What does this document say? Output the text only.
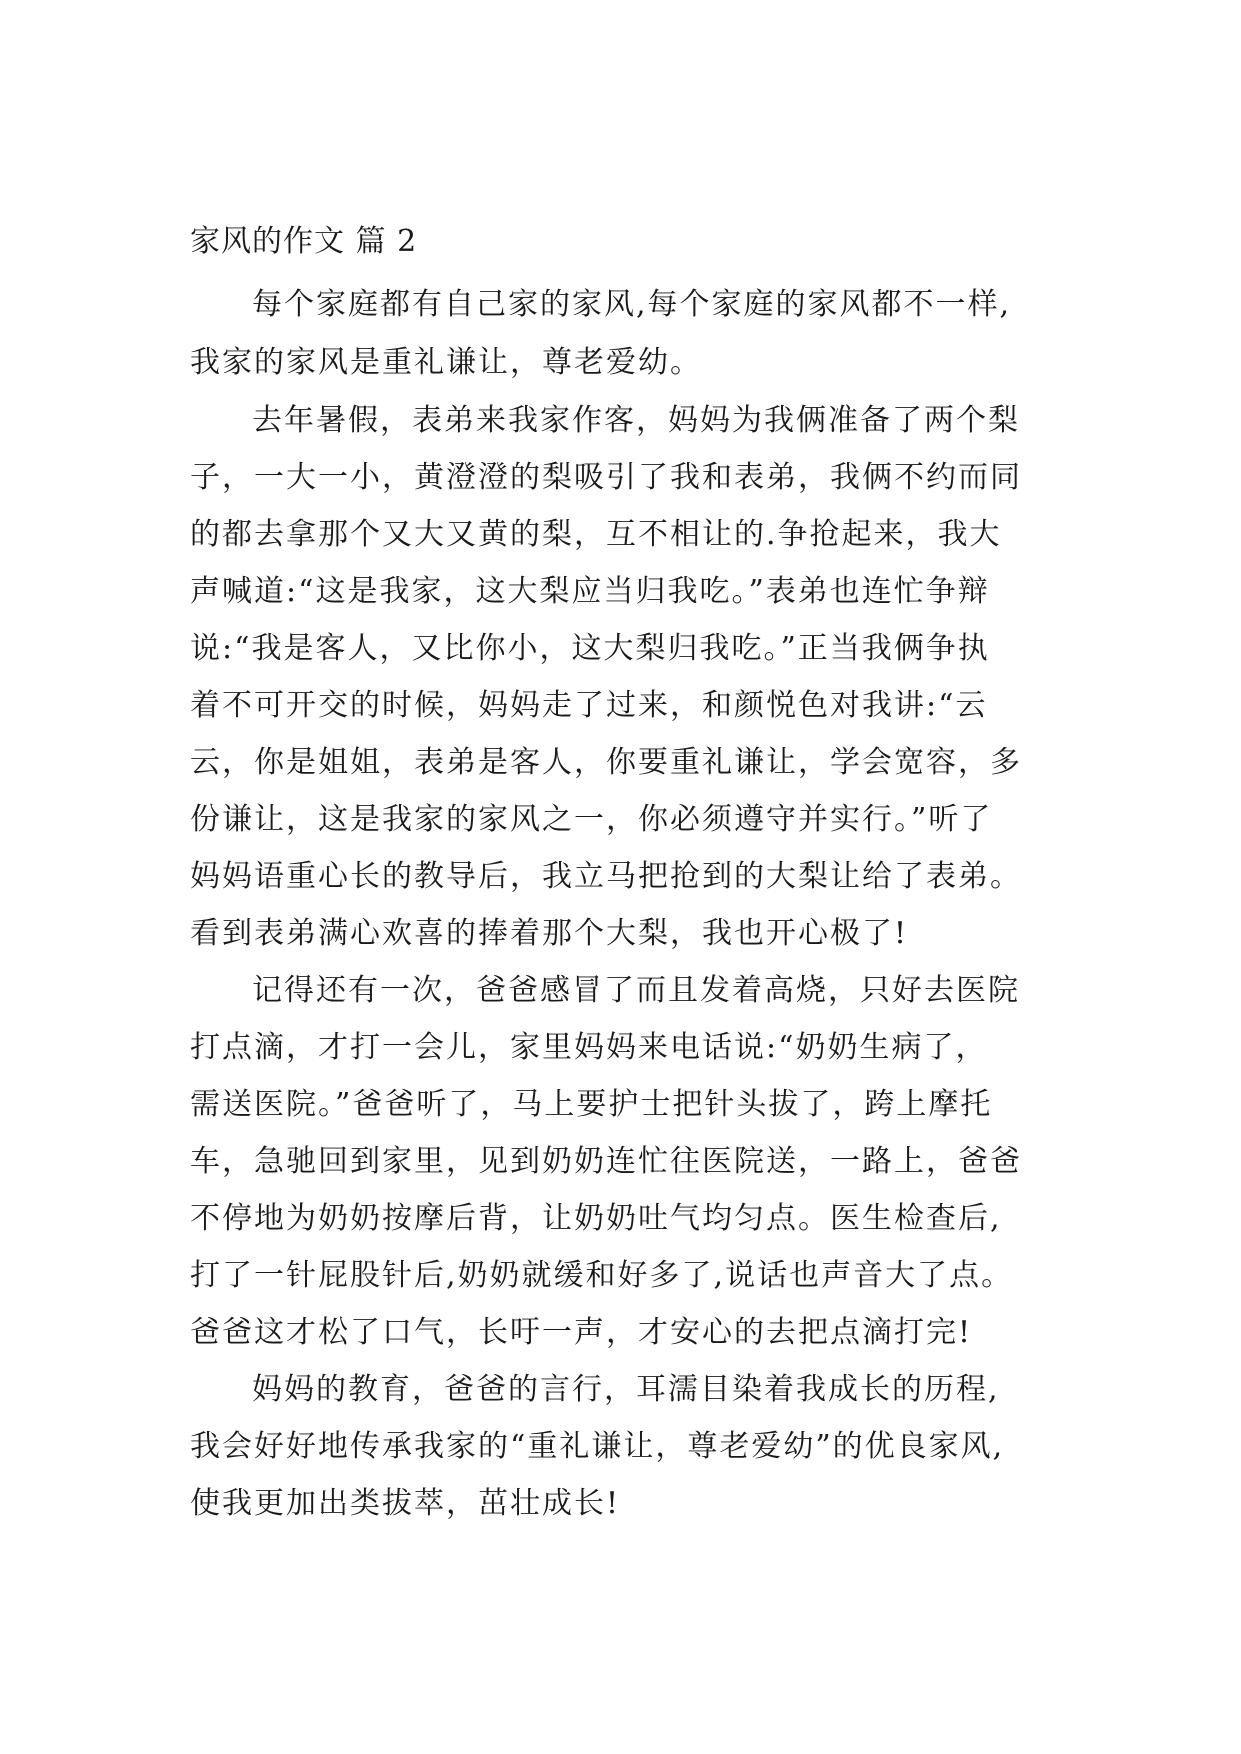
家风的作文 篇 2
每个家庭都有自己家的家风,每个家庭的家风都不一样,
我家的家风是重礼谦让，尊老爱幼。
去年暑假，表弟来我家作客，妈妈为我俩准备了两个梨
子，一大一小，黄澄澄的梨吸引了我和表弟，我俩不约而同
的都去拿那个又大又黄的梨，互不相让的.争抢起来，我大
声喊道:“这是我家，这大梨应当归我吃。”表弟也连忙争辩
说:“我是客人，又比你小，这大梨归我吃。”正当我俩争执
着不可开交的时候，妈妈走了过来，和颜悦色对我讲:“云
云，你是姐姐，表弟是客人，你要重礼谦让，学会宽容，多
份谦让，这是我家的家风之一，你必须遵守并实行。”听了
妈妈语重心长的教导后，我立马把抢到的大梨让给了表弟。
看到表弟满心欢喜的捧着那个大梨，我也开心极了!
记得还有一次，爸爸感冒了而且发着高烧，只好去医院
打点滴，才打一会儿，家里妈妈来电话说:“奶奶生病了，
需送医院。”爸爸听了，马上要护士把针头拔了，跨上摩托
车，急驰回到家里，见到奶奶连忙往医院送，一路上，爸爸
不停地为奶奶按摩后背，让奶奶吐气均匀点。医生检查后,
打了一针屁股针后,奶奶就缓和好多了,说话也声音大了点。
爸爸这才松了口气，长吁一声，才安心的去把点滴打完!
妈妈的教育，爸爸的言行，耳濡目染着我成长的历程,
我会好好地传承我家的“重礼谦让，尊老爱幼”的优良家风,
使我更加出类拔萃，茁壮成长!
